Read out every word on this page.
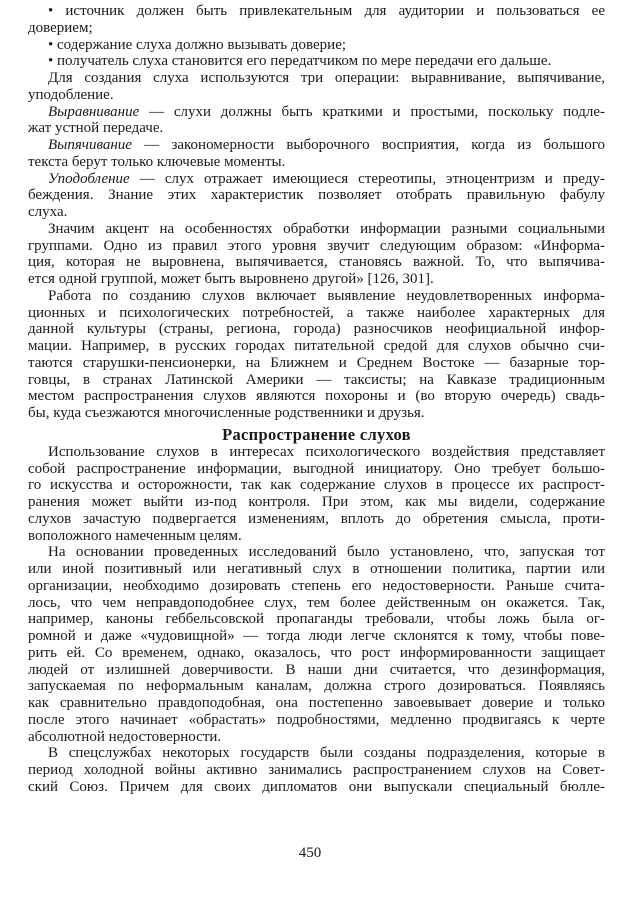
• источник должен быть привлекательным для аудитории и пользоваться ее
доверием;
• содержание слуха должно вызывать доверие;
• получатель слуха становится его передатчиком по мере передачи его дальше.
Для создания слуха используются три операции: выравнивание, выпячивание,
уподобление.
Выравнивание — слухи должны быть краткими и простыми, поскольку подле-
жат устной передаче.
Выпячивание — закономерности выборочного восприятия, когда из большого
текста берут только ключевые моменты.
Уподобление — слух отражает имеющиеся стереотипы, этноцентризм и преду-
беждения. Знание этих характеристик позволяет отобрать правильную фабулу
слуха.
Значим акцент на особенностях обработки информации разными социальными
группами. Одно из правил этого уровня звучит следующим образом: «Информа-
ция, которая не выровнена, выпячивается, становясь важной. То, что выпячива-
ется одной группой, может быть выровнено другой» [126, 301].
Работа по созданию слухов включает выявление неудовлетворенных информа-
ционных и психологических потребностей, а также наиболее характерных для
данной культуры (страны, региона, города) разносчиков неофициальной инфор-
мации. Например, в русских городах питательной средой для слухов обычно счи-
таются старушки-пенсионерки, на Ближнем и Среднем Востоке — базарные тор-
говцы, в странах Латинской Америки — таксисты; на Кавказе традиционным
местом распространения слухов являются похороны и (во вторую очередь) свадь-
бы, куда съезжаются многочисленные родственники и друзья.
Распространение слухов
Использование слухов в интересах психологического воздействия представляет
собой распространение информации, выгодной инициатору. Оно требует большо-
го искусства и осторожности, так как содержание слухов в процессе их распрост-
ранения может выйти из-под контроля. При этом, как мы видели, содержание
слухов зачастую подвергается изменениям, вплоть до обретения смысла, проти-
воположного намеченным целям.
На основании проведенных исследований было установлено, что, запуская тот
или иной позитивный или негативный слух в отношении политика, партии или
организации, необходимо дозировать степень его недостоверности. Раньше счита-
лось, что чем неправдоподобнее слух, тем более действенным он окажется. Так,
например, каноны геббельсовской пропаганды требовали, чтобы ложь была ог-
ромной и даже «чудовищной» — тогда люди легче склонятся к тому, чтобы пове-
рить ей. Со временем, однако, оказалось, что рост информированности защищает
людей от излишней доверчивости. В наши дни считается, что дезинформация,
запускаемая по неформальным каналам, должна строго дозироваться. Появляясь
как сравнительно правдоподобная, она постепенно завоевывает доверие и только
после этого начинает «обрастать» подробностями, медленно продвигаясь к черте
абсолютной недостоверности.
В спецслужбах некоторых государств были созданы подразделения, которые в
период холодной войны активно занимались распространением слухов на Совет-
ский Союз. Причем для своих дипломатов они выпускали специальный бюлле-
450
